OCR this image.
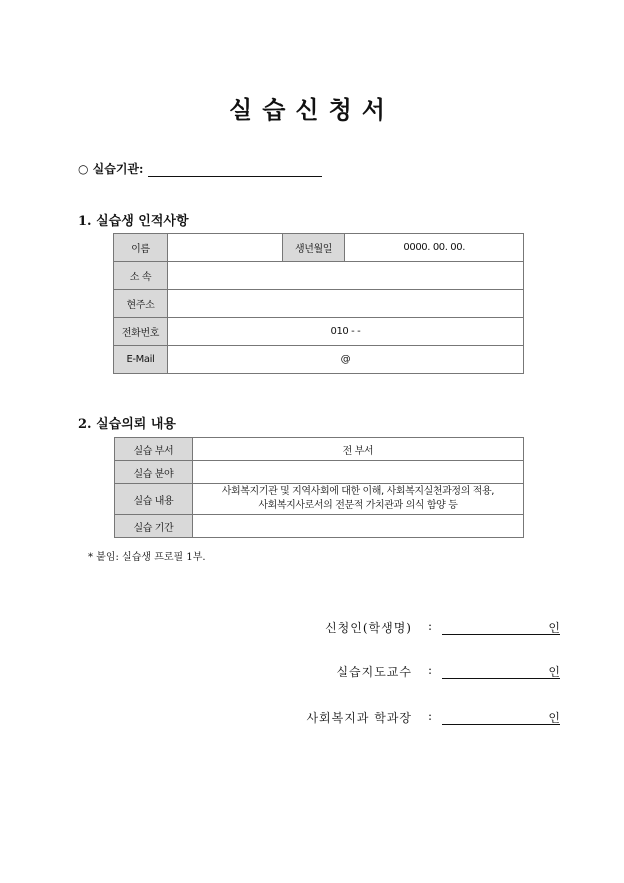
실습신청서
○ 실습기관:
1. 실습생 인적사항
이름		생년월일	0000. 00. 00.
소 속			
현주소			
전화번호	010 - -		
E-Mail	@		
2. 실습의뢰 내용
실습 부서	전 부서
실습 분야	
실습 내용	사회복지기관 및 지역사회에 대한 이해, 사회복지실천과정의 적용,
사회복지사로서의 전문적 가치관과 의식 함양 등

실습 기간	
* 붙임: 실습생 프로필 1부.
신청인(학생명) :	인
실습지도교수 :	인
사회복지과 학과장 :	인
